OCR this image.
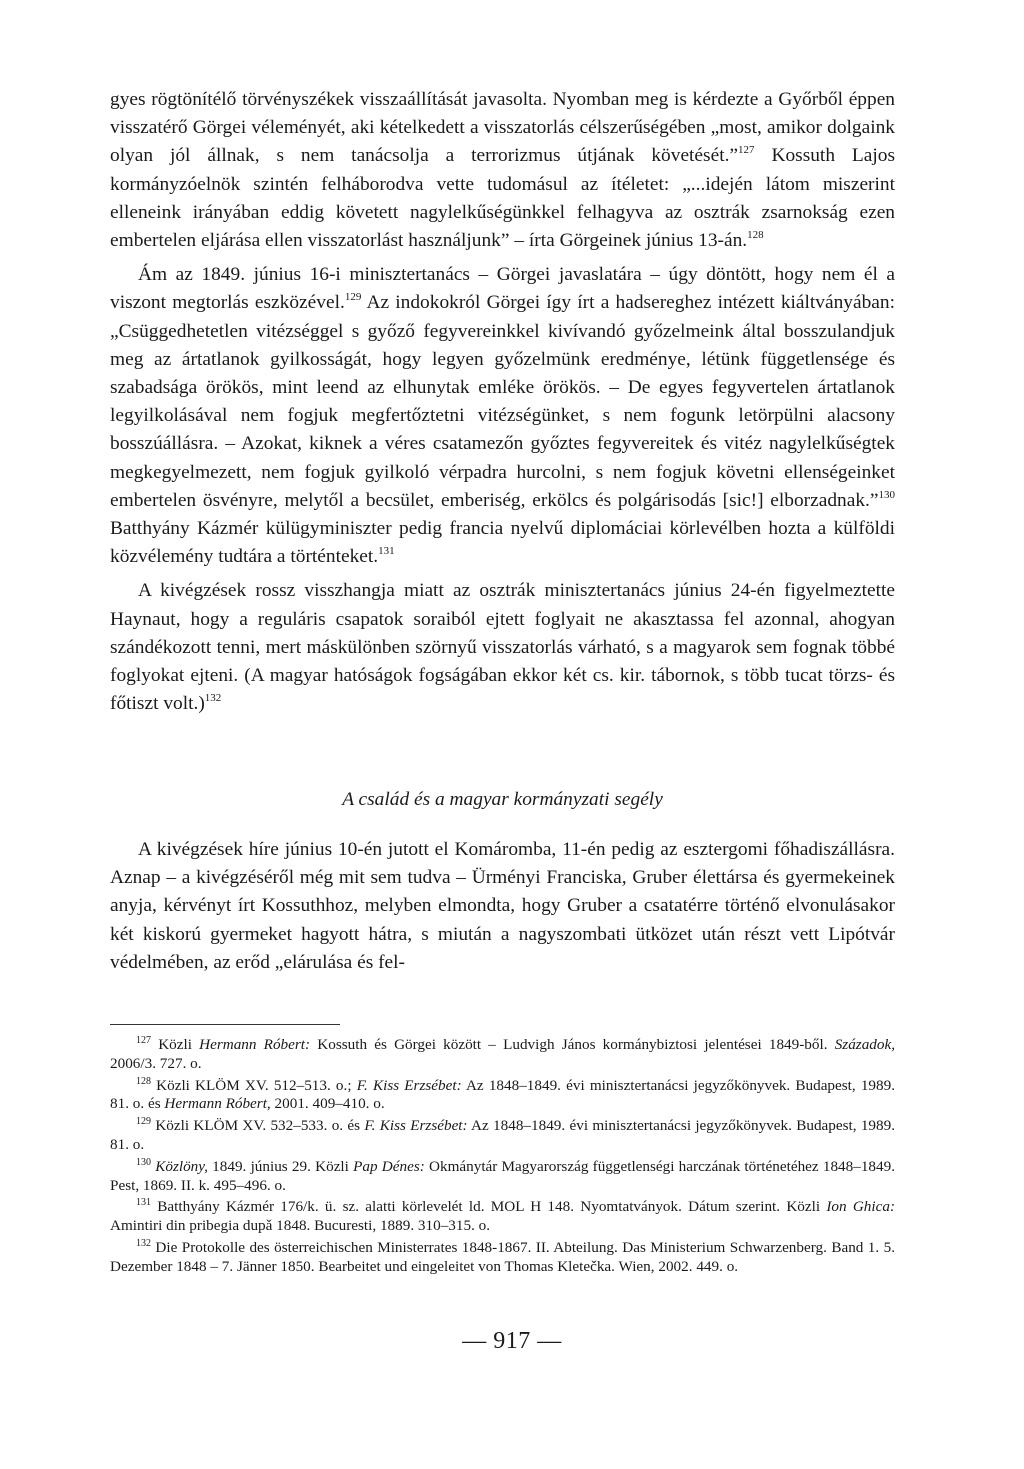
gyes rögtönítélő törvényszékek visszaállítását javasolta. Nyomban meg is kérdezte a Győrből éppen visszatérő Görgei véleményét, aki kételkedett a visszatorlás célszerűségében „most, amikor dolgaink olyan jól állnak, s nem tanácsolja a terrorizmus útjának követését.”$^{127}$ Kossuth Lajos kormányzóelnök szintén felháborodva vette tudomásul az ítéletet: „...idején látom miszerint elleneink irányában eddig követett nagylelkűségünkkel felhagyva az osztrák zsarnokság ezen embertelen eljárása ellen visszatorlást használjunk” – írta Görgeinek június 13-án.$^{128}$

Ám az 1849. június 16-i minisztertanács – Görgei javaslatára – úgy döntött, hogy nem él a viszont megtorlás eszközével.$^{129}$ Az indokokról Görgei így írt a hadsereghez intézett kiáltványában: „Csüggedhetetlen vitézséggel s győző fegyvereinkkel kivívandó győzelmeink által bosszulandjuk meg az ártatlanok gyilkosságát, hogy legyen győzelmünk eredménye, létünk függetlensége és szabadsága örökös, mint leend az elhunytak emléke örökös. – De egyes fegyvertelen ártatlanok legyilkolásával nem fogjuk megfertőztetni vitézségünket, s nem fogunk letörpülni alacsony bosszúállásra. – Azokat, kiknek a véres csatamezőn győztes fegyvereitek és vitéz nagylelkűségtek megkegyelmezett, nem fogjuk gyilkoló vérpadra hurcolni, s nem fogjuk követni ellenségeinket embertelen ösvényre, melytől a becsület, emberiség, erkölcs és polgárisodás [sic!] elborzadnak.”$^{130}$ Batthyány Kázmér külügyminiszter pedig francia nyelvű diplomáciai körlevélben hozta a külföldi közvélemény tudtára a történteket.$^{131}$

A kivégzések rossz visszhangja miatt az osztrák minisztertanács június 24-én figyelmeztette Haynaut, hogy a reguláris csapatok soraiból ejtett foglyait ne akasztassa fel azonnal, ahogyan szándékozott tenni, mert máskülönben szörnyű visszatorlás várható, s a magyarok sem fognak többé foglyokat ejteni. (A magyar hatóságok fogságában ekkor két cs. kir. tábornok, s több tucat törzs- és főtiszt volt.)$^{132}$

A család és a magyar kormányzati segély

A kivégzések híre június 10-én jutott el Komáromba, 11-én pedig az esztergomi főhadiszállásra. Aznap – a kivégzéséről még mit sem tudva – Ürményi Franciska, Gruber élettársa és gyermekeinek anyja, kérvényt írt Kossuthhoz, melyben elmondta, hogy Gruber a csatatérre történő elvonulásakor két kiskorú gyermeket hagyott hátra, s miután a nagyszombati ütközet után részt vett Lipótvár védelmében, az erőd „elárulása és fel-

$^{127}$ Közli Hermann Róbert: Kossuth és Görgei között – Ludvigh János kormánybiztosi jelentései 1849-ből. Századok, 2006/3. 727. o.

$^{128}$ Közli KLÖM XV. 512–513. o.; F. Kiss Erzsébet: Az 1848–1849. évi minisztertanácsi jegyzőkönyvek. Budapest, 1989. 81. o. és Hermann Róbert, 2001. 409–410. o.

$^{129}$ Közli KLÖM XV. 532–533. o. és F. Kiss Erzsébet: Az 1848–1849. évi minisztertanácsi jegyzőkönyvek. Budapest, 1989. 81. o.

$^{130}$ Közlöny, 1849. június 29. Közli Pap Dénes: Okmánytár Magyarország függetlenségi harczának történetéhez 1848–1849. Pest, 1869. II. k. 495–496. o.

$^{131}$ Batthyány Kázmér 176/k. ü. sz. alatti körlevelét ld. MOL H 148. Nyomtatványok. Dátum szerint. Közli Ion Ghica: Amintiri din pribegia dupǎ 1848. Bucuresti, 1889. 310–315. o.

$^{132}$ Die Protokolle des österreichischen Ministerrates 1848-1867. II. Abteilung. Das Ministerium Schwarzenberg. Band 1. 5. Dezember 1848 – 7. Jänner 1850. Bearbeitet und eingeleitet von Thomas Kletečka. Wien, 2002. 449. o.

— 917 —
